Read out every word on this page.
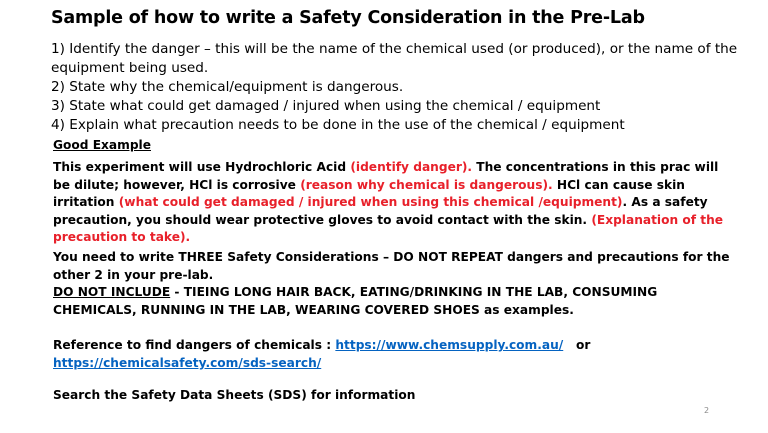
Sample of how to write a Safety Consideration in the Pre-Lab
1) Identify the danger – this will be the name of the chemical used (or produced), or the name of the equipment being used.
2) State why the chemical/equipment is dangerous.
3) State what could get damaged / injured when using the chemical / equipment
4) Explain what precaution needs to be done in the use of the chemical / equipment
Good Example
This experiment will use Hydrochloric Acid (identify danger). The concentrations in this prac will be dilute; however, HCl is corrosive (reason why chemical is dangerous). HCl can cause skin irritation (what could get damaged / injured when using this chemical /equipment). As a safety precaution, you should wear protective gloves to avoid contact with the skin. (Explanation of the precaution to take).
You need to write THREE Safety Considerations – DO NOT REPEAT dangers and precautions for the other 2 in your pre-lab.
DO NOT INCLUDE - TIEING LONG HAIR BACK, EATING/DRINKING IN THE LAB, CONSUMING CHEMICALS, RUNNING IN THE LAB, WEARING COVERED SHOES as examples.
Reference to find dangers of chemicals : https://www.chemsupply.com.au/   or
https://chemicalsafety.com/sds-search/
Search the Safety Data Sheets (SDS) for information
2
